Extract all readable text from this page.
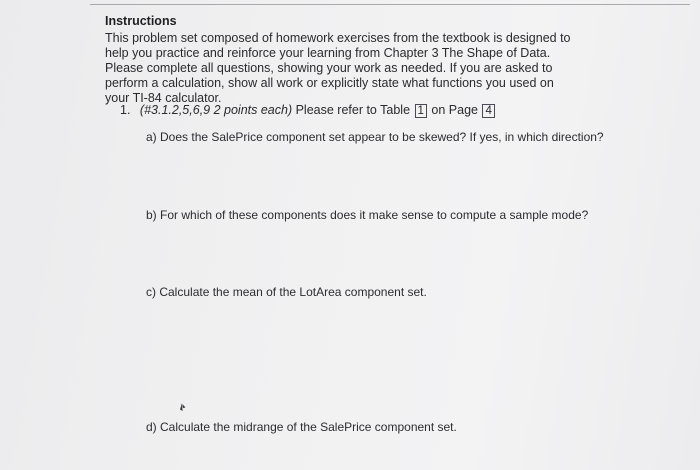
Instructions

This problem set composed of homework exercises from the textbook is designed to help you practice and reinforce your learning from Chapter 3 The Shape of Data. Please complete all questions, showing your work as needed. If you are asked to perform a calculation, show all work or explicitly state what functions you used on your TI-84 calculator.

1. (#3.1.2,5,6,9 2 points each) Please refer to Table 1 on Page 4
a) Does the SalePrice component set appear to be skewed? If yes, in which direction?
b) For which of these components does it make sense to compute a sample mode?
c) Calculate the mean of the LotArea component set.
d) Calculate the midrange of the SalePrice component set.
